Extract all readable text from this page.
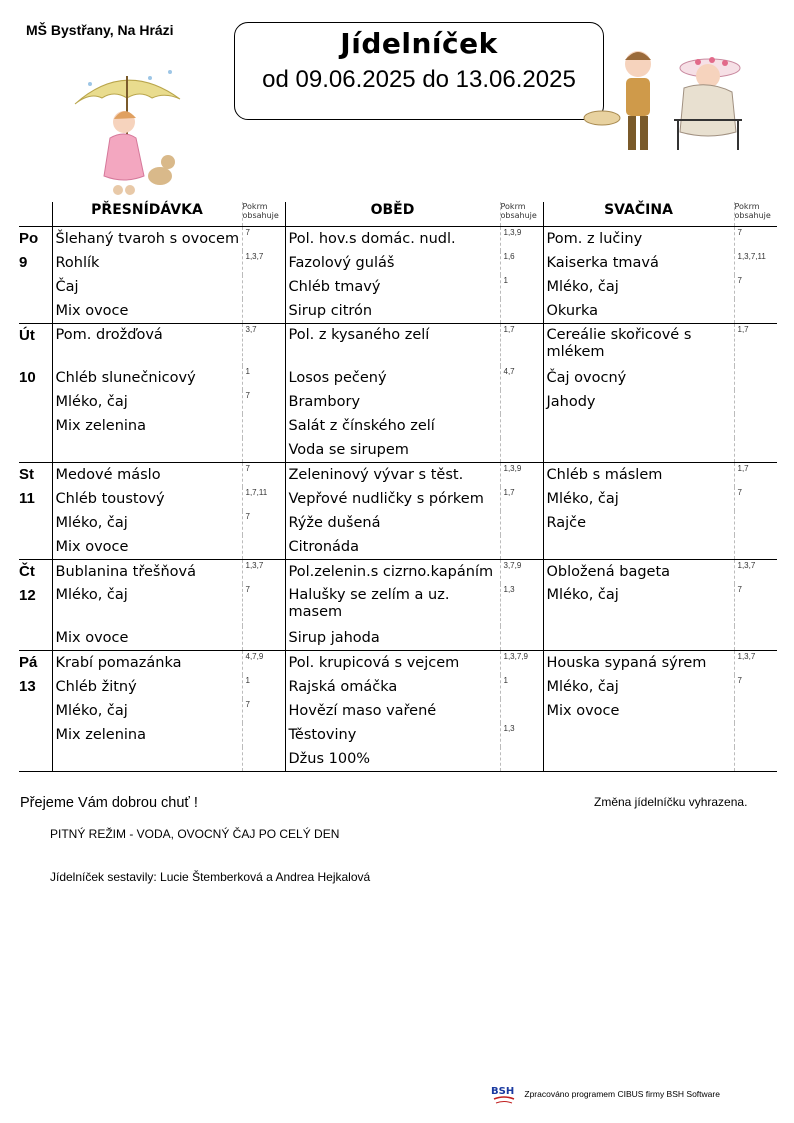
MŠ Bystřany, Na Hrázi	Jídelníček
od 09.06.2025 do 13.06.2025
	PŘESNÍDÁVKA	Pokrm obsahuje	OBĚD	Pokrm obsahuje	SVAČINA	Pokrm obsahuje
Po	Šlehaný tvaroh s ovocem	7	Pol. hov.s domác. nudl.	1,3,9	Pom. z lučiny	7

9	Rohlík	1,3,7	Fazolový guláš	1,6	Kaiserka tmavá	1,3,7,11

	Čaj		Chléb tmavý	1	Mléko, čaj	7

	Mix ovoce		Sirup citrón		Okurka	

Út	Pom. drožďová	3,7	Pol. z kysaného zelí	1,7	Cereálie skořicové s mlékem	1,7

10	Chléb slunečnicový	1	Losos pečený	4,7	Čaj ovocný	

	Mléko, čaj	7	Brambory		Jahody	

	Mix zelenina		Salát z čínského zelí			

			Voda se sirupem			

St	Medové máslo	7	Zeleninový vývar s těst.	1,3,9	Chléb s máslem	1,7

11	Chléb toustový	1,7,11	Vepřové nudličky s pórkem	1,7	Mléko, čaj	7

	Mléko, čaj	7	Rýže dušená		Rajče	

	Mix ovoce		Citronáda			

Čt	Bublanina třešňová	1,3,7	Pol.zelenin.s cizrno.kapáním	3,7,9	Obložená bageta	1,3,7

12	Mléko, čaj	7	Halušky se zelím a uz. masem	1,3	Mléko, čaj	7

	Mix ovoce		Sirup jahoda			

Pá	Krabí pomazánka	4,7,9	Pol. krupicová s vejcem	1,3,7,9	Houska sypaná sýrem	1,3,7

13	Chléb žitný	1	Rajská omáčka	1	Mléko, čaj	7

	Mléko, čaj	7	Hovězí maso vařené		Mix ovoce	

	Mix zelenina		Těstoviny	1,3		

			Džus 100%			

Přejeme Vám dobrou chuť !	Změna jídelníčku vyhrazena.
PITNÝ REŽIM - VODA, OVOCNÝ ČAJ PO CELÝ DEN
Jídelníček sestavily: Lucie Štemberková a Andrea Hejkalová
BSH Zpracováno programem CIBUS firmy BSH Software
